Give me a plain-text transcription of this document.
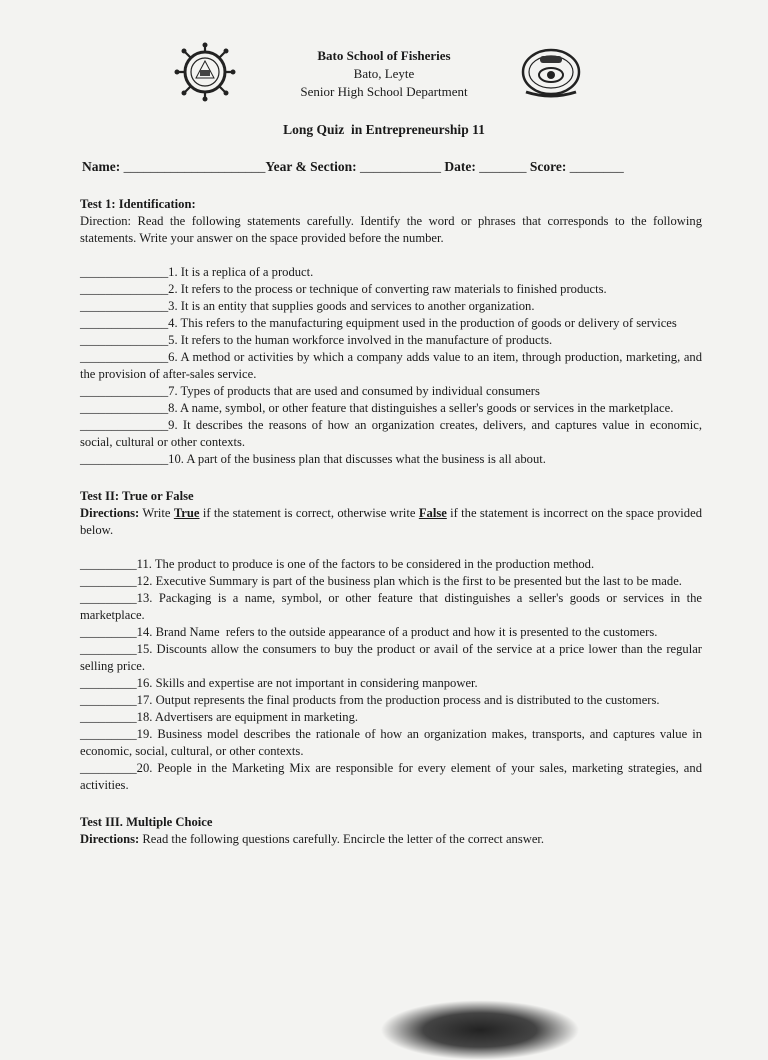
Bato School of Fisheries
Bato, Leyte
Senior High School Department
Long Quiz  in Entrepreneurship 11
Name: _____________________Year & Section: ____________ Date: _______ Score: ________
Test 1: Identification:
Direction: Read the following statements carefully. Identify the word or phrases that corresponds to the following statements. Write your answer on the space provided before the number.
______________1. It is a replica of a product.
______________2. It refers to the process or technique of converting raw materials to finished products.
______________3. It is an entity that supplies goods and services to another organization.
______________4. This refers to the manufacturing equipment used in the production of goods or delivery of services
______________5. It refers to the human workforce involved in the manufacture of products.
______________6. A method or activities by which a company adds value to an item, through production, marketing, and the provision of after-sales service.
______________7. Types of products that are used and consumed by individual consumers
______________8. A name, symbol, or other feature that distinguishes a seller's goods or services in the marketplace.
______________9. It describes the reasons of how an organization creates, delivers, and captures value in economic, social, cultural or other contexts.
______________10. A part of the business plan that discusses what the business is all about.
Test II: True or False
Directions: Write True if the statement is correct, otherwise write False if the statement is incorrect on the space provided below.
_________11. The product to produce is one of the factors to be considered in the production method.
_________12. Executive Summary is part of the business plan which is the first to be presented but the last to be made.
_________13. Packaging is a name, symbol, or other feature that distinguishes a seller's goods or services in the marketplace.
_________14. Brand Name  refers to the outside appearance of a product and how it is presented to the customers.
_________15. Discounts allow the consumers to buy the product or avail of the service at a price lower than the regular selling price.
_________16. Skills and expertise are not important in considering manpower.
_________17. Output represents the final products from the production process and is distributed to the customers.
_________18. Advertisers are equipment in marketing.
_________19. Business model describes the rationale of how an organization makes, transports, and captures value in economic, social, cultural, or other contexts.
_________20. People in the Marketing Mix are responsible for every element of your sales, marketing strategies, and activities.
Test III. Multiple Choice
Directions: Read the following questions carefully. Encircle the letter of the correct answer.
